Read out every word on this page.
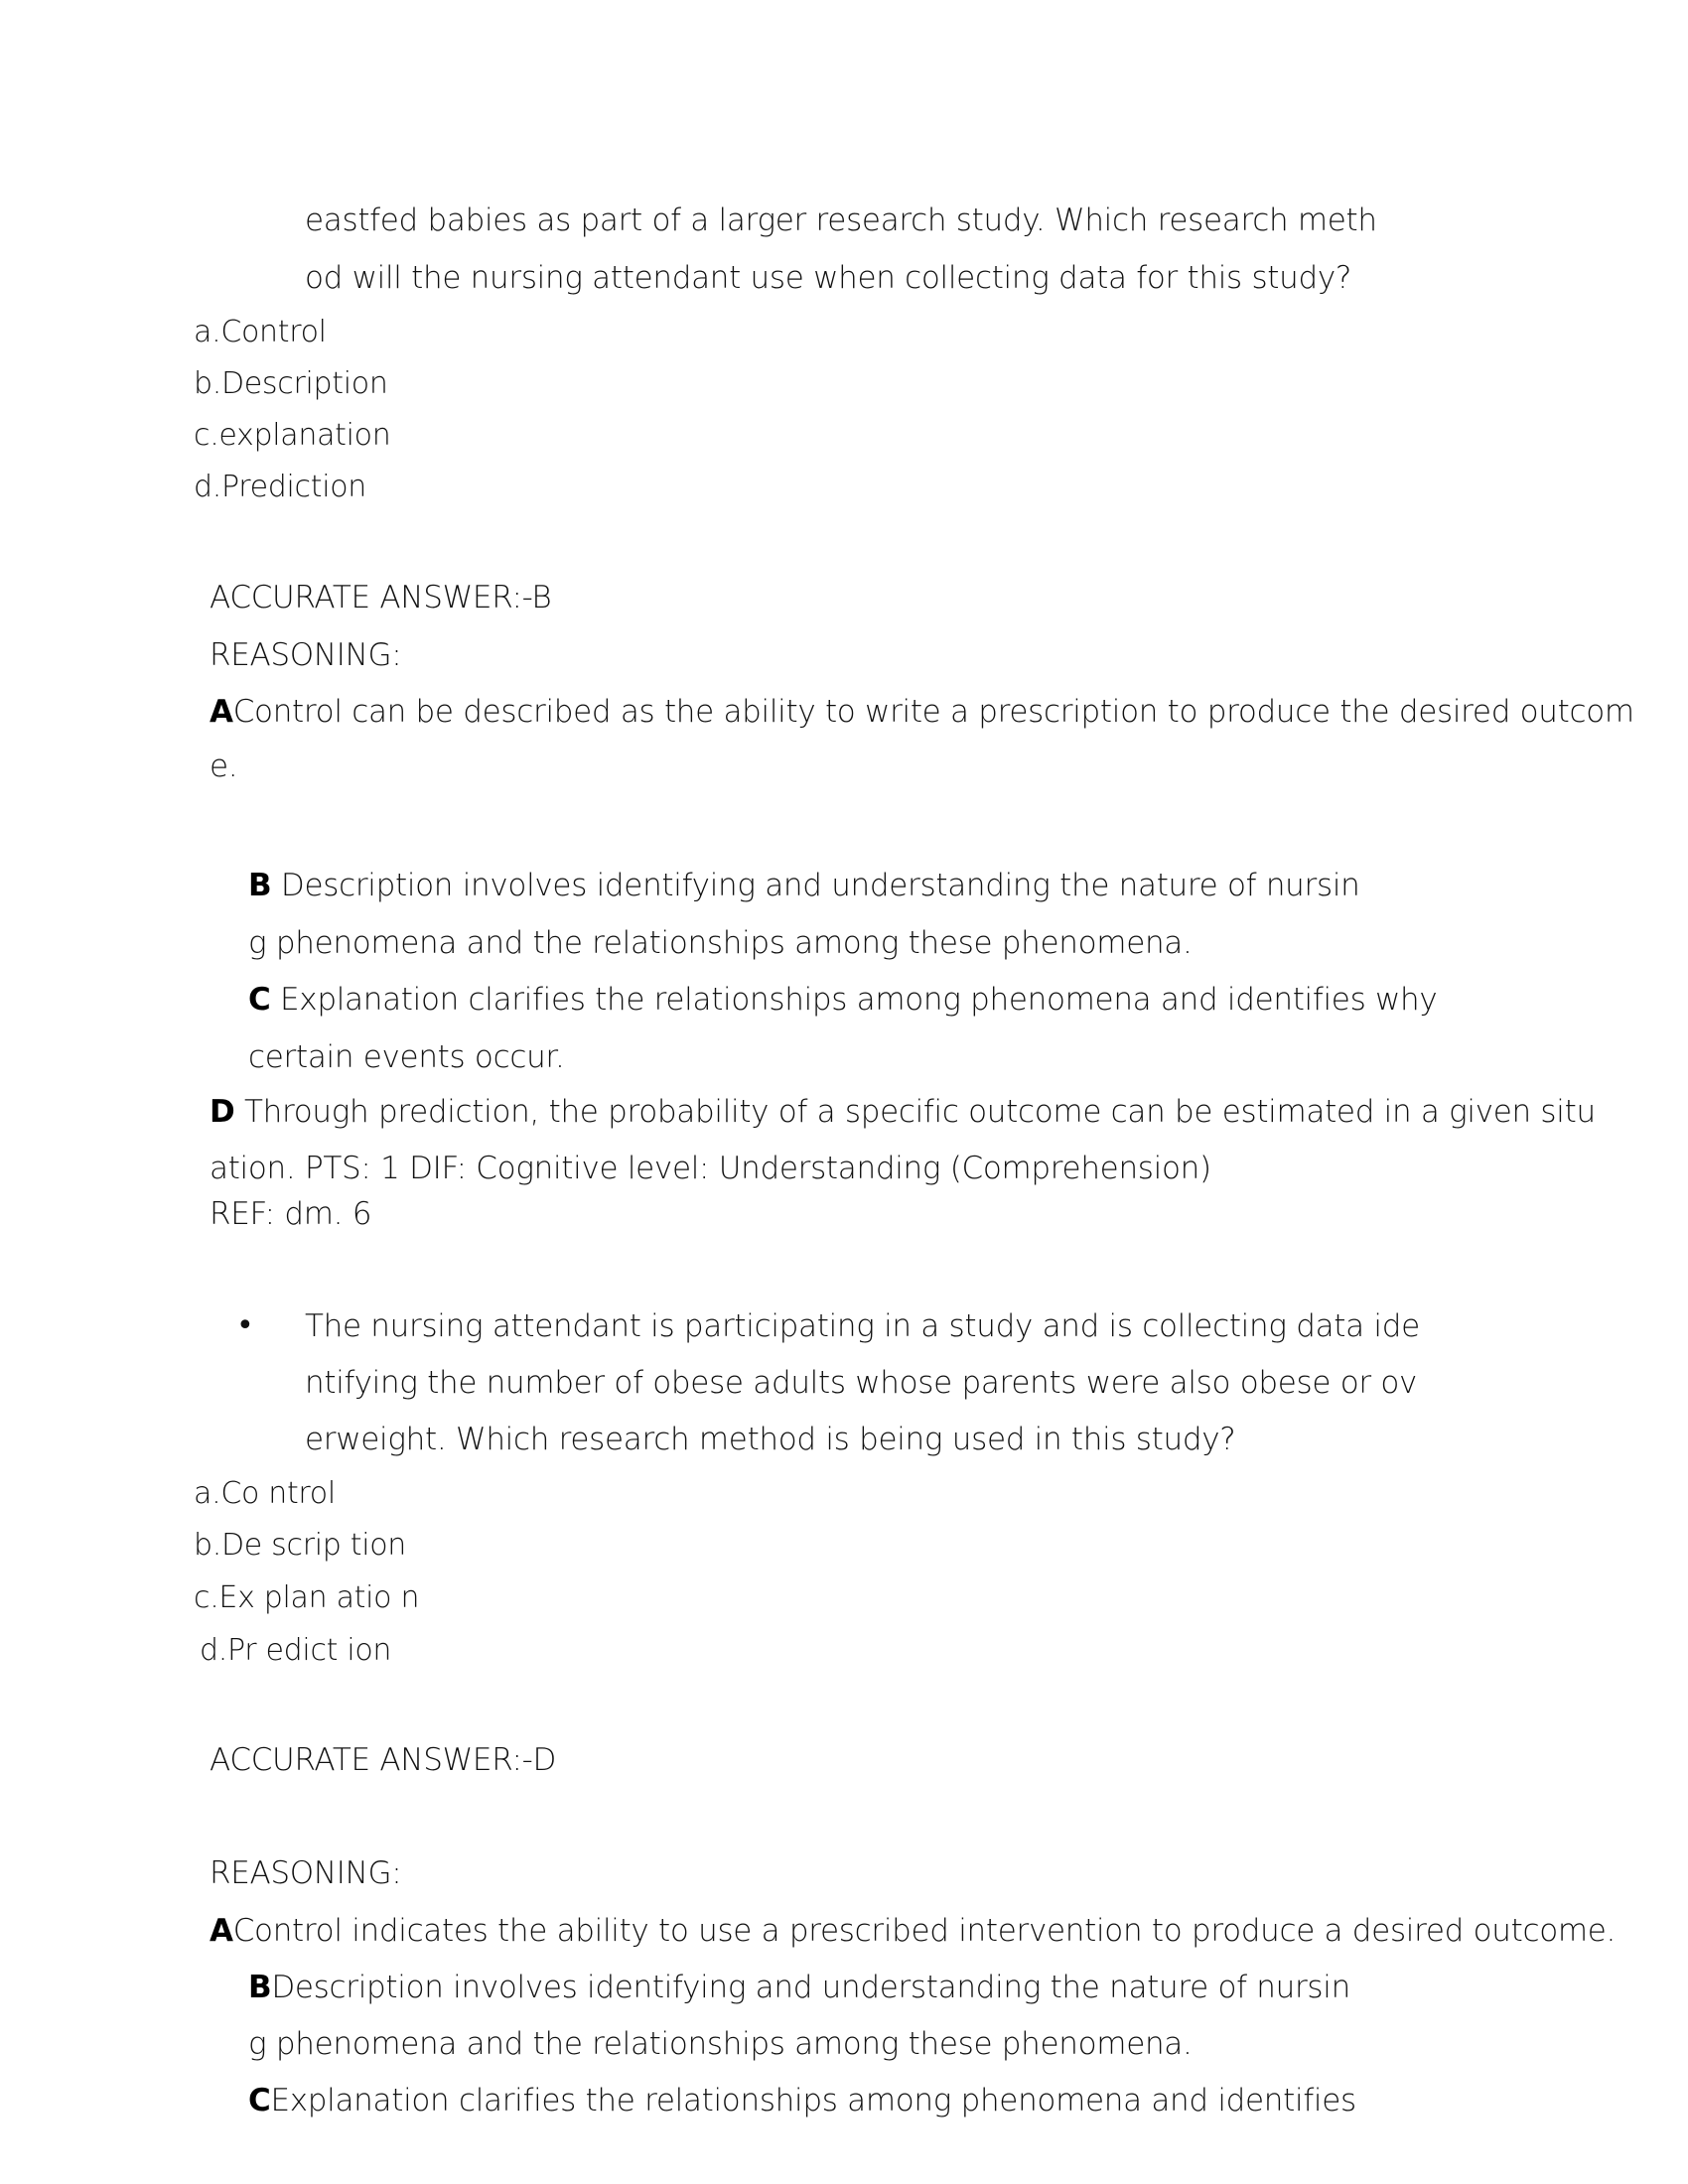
eastfed babies as part of a larger research study. Which research meth
od will the nursing attendant use when collecting data for this study?
a.Control
b.Description
c.explanation
d.Prediction
ACCURATE ANSWER:-B
REASONING:
AControl can be described as the ability to write a prescription to produce the desired outcom
e.
B Description involves identifying and understanding the nature of nursin
g phenomena and the relationships among these phenomena.
C Explanation clarifies the relationships among phenomena and identifies why
certain events occur.
D Through prediction, the probability of a specific outcome can be estimated in a given situ
ation. PTS: 1 DIF: Cognitive level: Understanding (Comprehension)
REF: dm. 6
• The nursing attendant is participating in a study and is collecting data ide
ntifying the number of obese adults whose parents were also obese or ov
erweight. Which research method is being used in this study?
a.Co ntrol
b.De scrip tion
c.Ex plan atio n
d.Pr edict ion
ACCURATE ANSWER:-D
REASONING:
AControl indicates the ability to use a prescribed intervention to produce a desired outcome.
BDescription involves identifying and understanding the nature of nursin
g phenomena and the relationships among these phenomena.
CExplanation clarifies the relationships among phenomena and identifies
